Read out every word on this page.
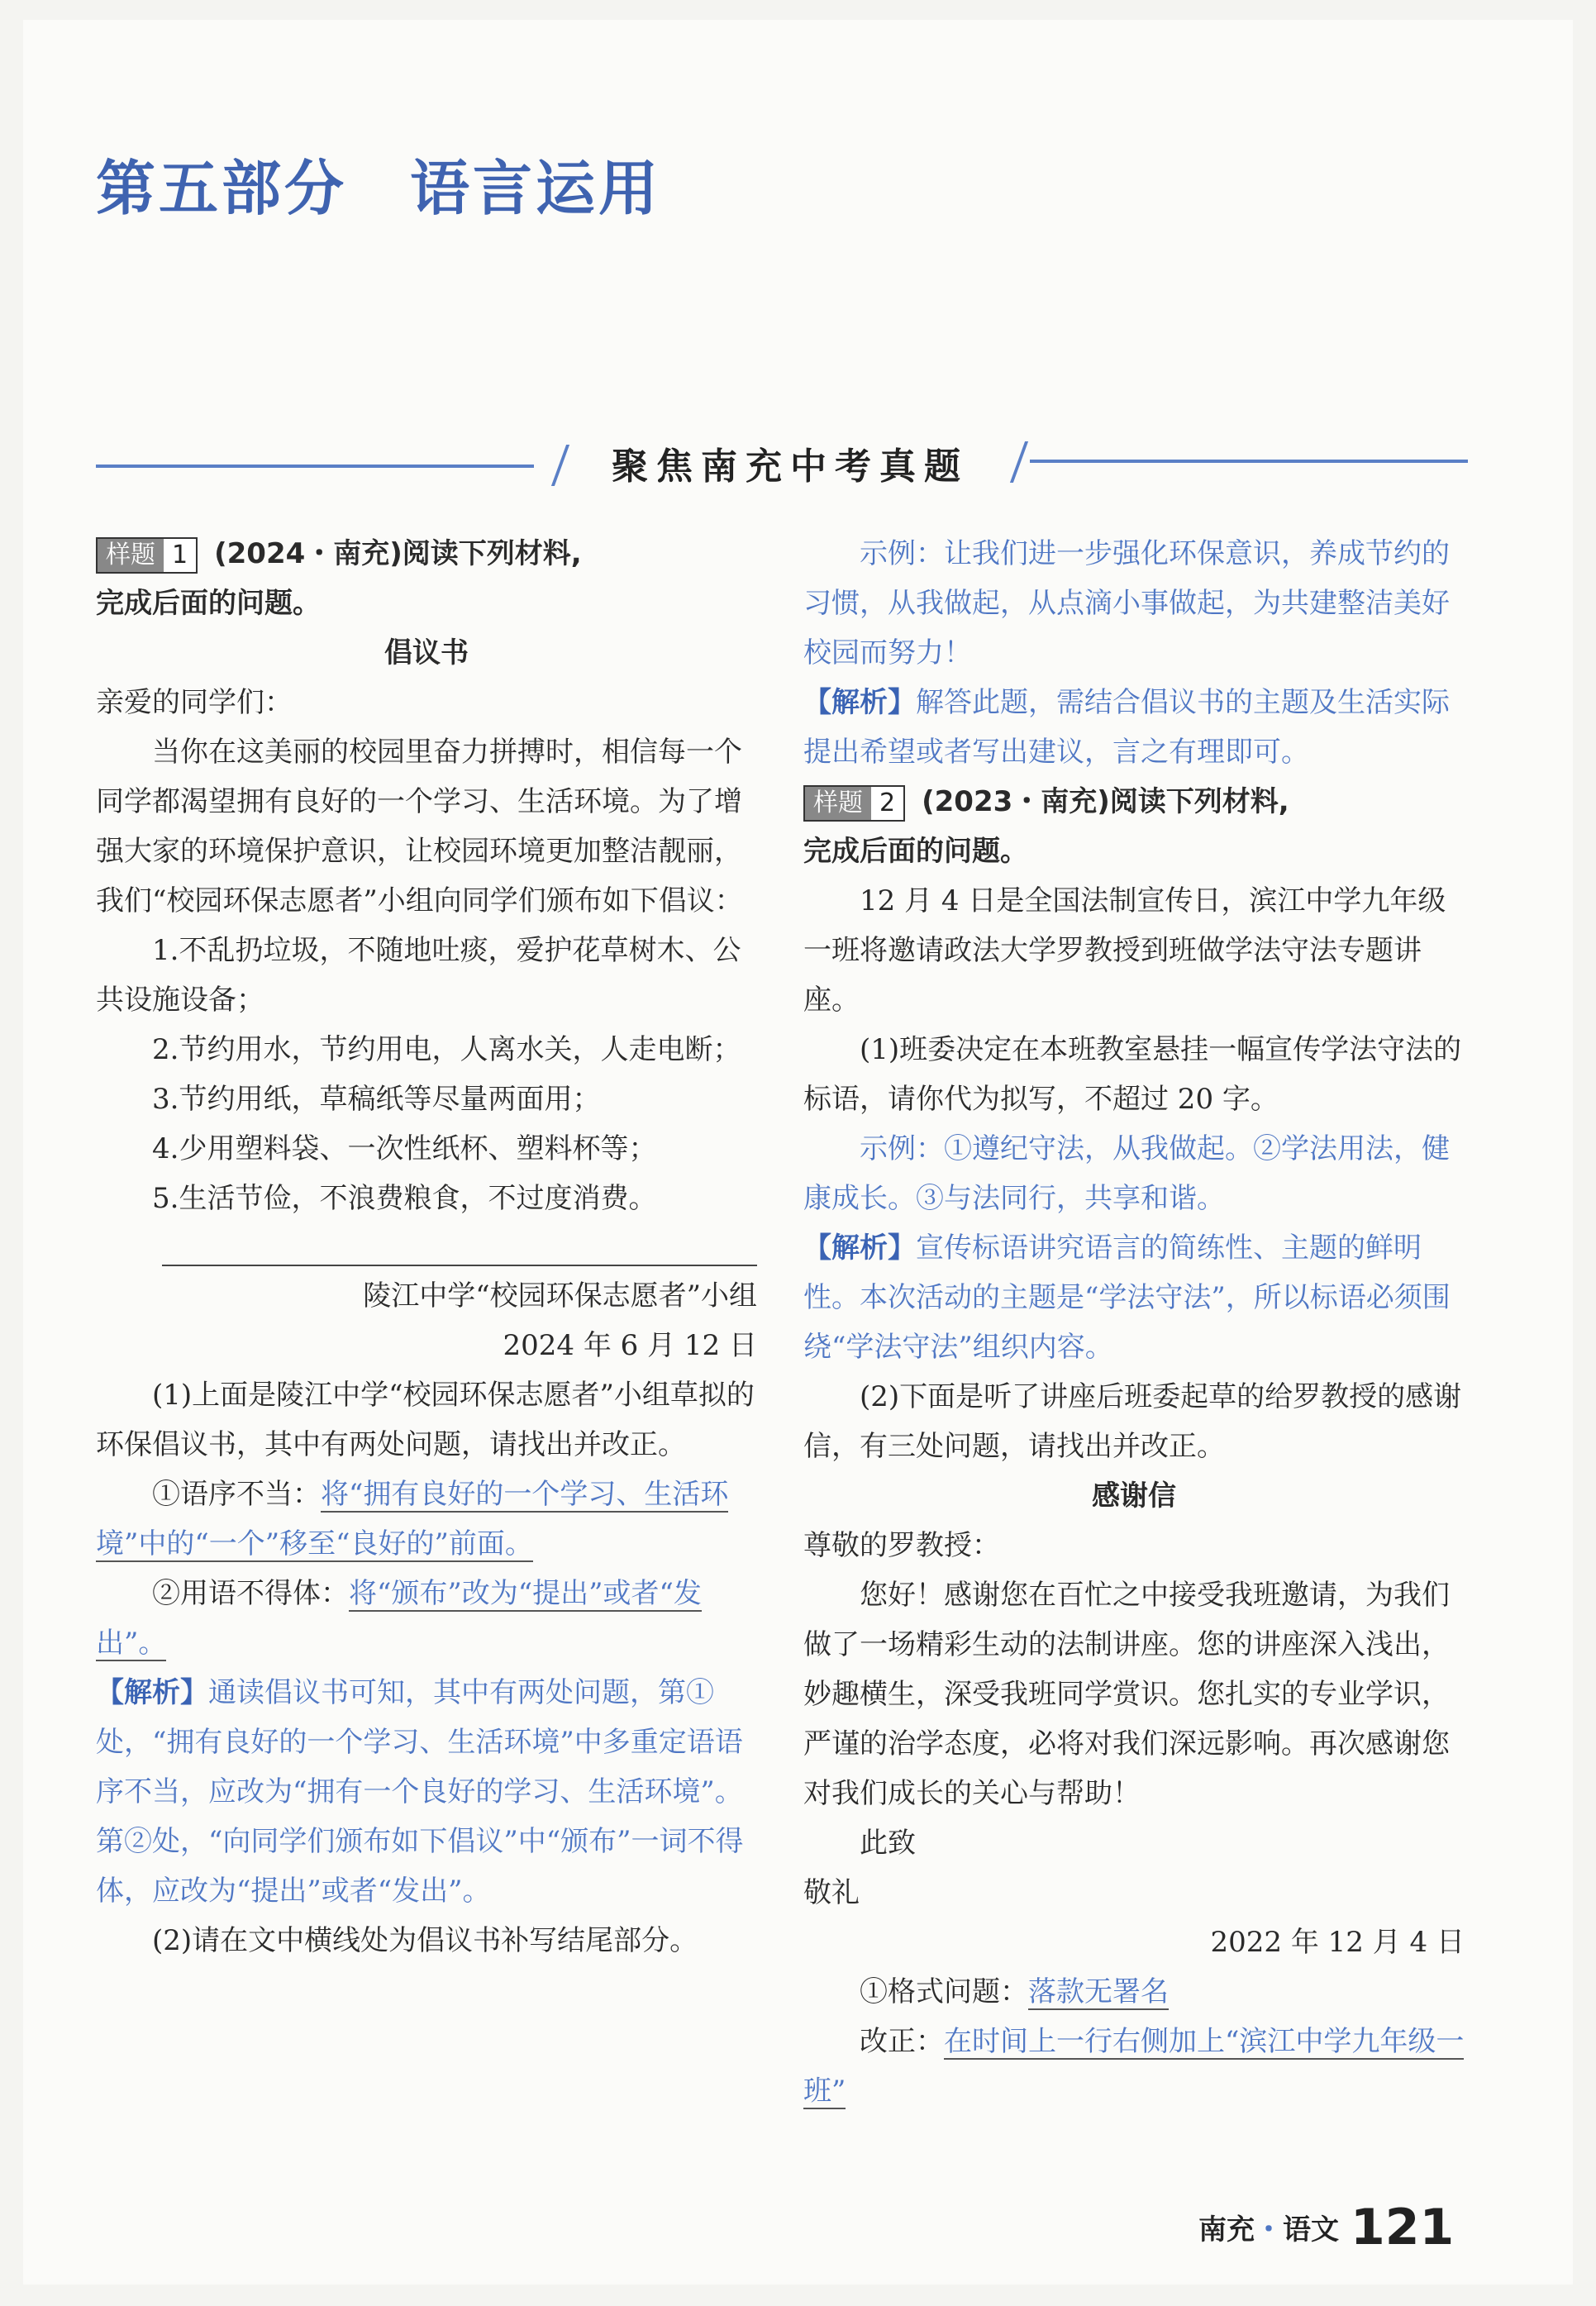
第五部分　语言运用
聚焦南充中考真题

样题 1 (2024・南充)阅读下列材料,

完成后面的问题。

倡议书

亲爱的同学们：

当你在这美丽的校园里奋力拼搏时，相信每一个同学都渴望拥有良好的一个学习、生活环境。为了增强大家的环境保护意识，让校园环境更加整洁靓丽，我们“校园环保志愿者”小组向同学们颁布如下倡议：

1.不乱扔垃圾，不随地吐痰，爱护花草树木、公共设施设备；

2.节约用水，节约用电，人离水关，人走电断；

3.节约用纸，草稿纸等尽量两面用；

4.少用塑料袋、一次性纸杯、塑料杯等；

5.生活节俭，不浪费粮食，不过度消费。

陵江中学“校园环保志愿者”小组

2024 年 6 月 12 日

(1)上面是陵江中学“校园环保志愿者”小组草拟的环保倡议书，其中有两处问题，请找出并改正。

①语序不当：将“拥有良好的一个学习、生活环境”中的“一个”移至“良好的”前面。

②用语不得体：将“颁布”改为“提出”或者“发出”。

【解析】通读倡议书可知，其中有两处问题，第①处，“拥有良好的一个学习、生活环境”中多重定语语序不当，应改为“拥有一个良好的学习、生活环境”。第②处，“向同学们颁布如下倡议”中“颁布”一词不得体，应改为“提出”或者“发出”。

(2)请在文中横线处为倡议书补写结尾部分。

示例：让我们进一步强化环保意识，养成节约的习惯，从我做起，从点滴小事做起，为共建整洁美好校园而努力！

【解析】解答此题，需结合倡议书的主题及生活实际提出希望或者写出建议，言之有理即可。

样题 2 (2023・南充)阅读下列材料,

完成后面的问题。

12 月 4 日是全国法制宣传日，滨江中学九年级一班将邀请政法大学罗教授到班做学法守法专题讲座。

(1)班委决定在本班教室悬挂一幅宣传学法守法的标语，请你代为拟写，不超过 20 字。

示例：①遵纪守法，从我做起。②学法用法，健康成长。③与法同行，共享和谐。

【解析】宣传标语讲究语言的简练性、主题的鲜明性。本次活动的主题是“学法守法”，所以标语必须围绕“学法守法”组织内容。

(2)下面是听了讲座后班委起草的给罗教授的感谢信，有三处问题，请找出并改正。

感谢信

尊敬的罗教授：

您好！感谢您在百忙之中接受我班邀请，为我们做了一场精彩生动的法制讲座。您的讲座深入浅出，妙趣横生，深受我班同学赏识。您扎实的专业学识，严谨的治学态度，必将对我们深远影响。再次感谢您对我们成长的关心与帮助！

此致

敬礼

2022 年 12 月 4 日

①格式问题：落款无署名

改正：在时间上一行右侧加上“滨江中学九年级一班”

南充・语文 121
